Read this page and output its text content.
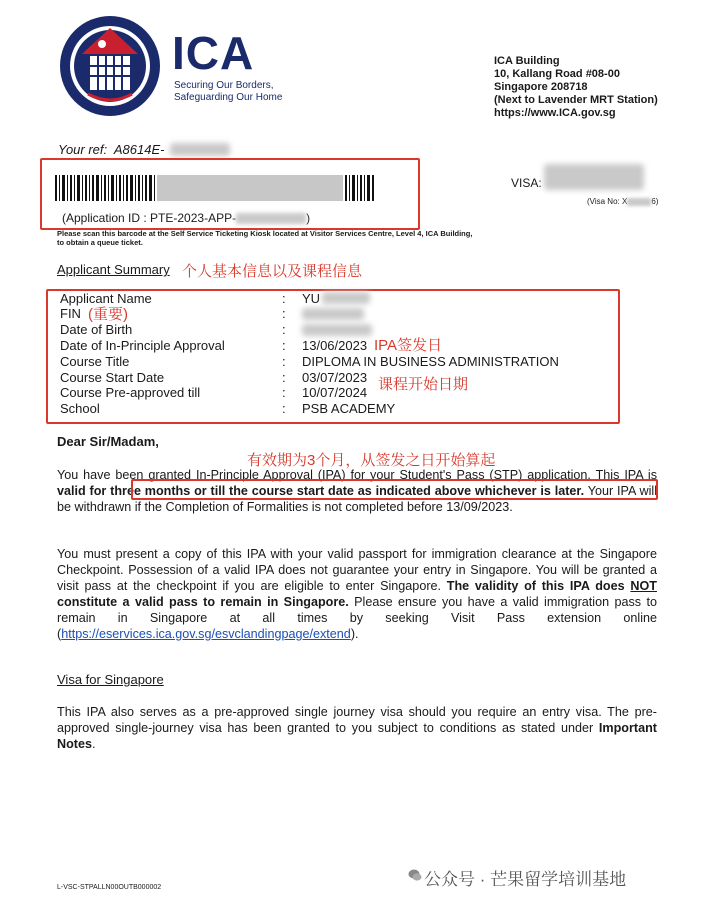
ICA
Securing Our Borders,
Safeguarding Our Home
ICA Building
10, Kallang Road #08-00
Singapore 208718
(Next to Lavender MRT Station)
https://www.ICA.gov.sg
Your ref: A8614E-
(Application ID : PTE-2023-APP-	)
VISA:
(Visa No: X	6)
Please scan this barcode at the Self Service Ticketing Kiosk located at Visitor Services Centre, Level 4, ICA Building,
to obtain a queue ticket.
Applicant Summary 个人基本信息以及课程信息
Applicant Name	: YU
FIN	:
Date of Birth	:
Date of In-Principle Approval	: 13/06/2023
Course Title	: DIPLOMA IN BUSINESS ADMINISTRATION
Course Start Date	: 03/07/2023
Course Pre-approved till	: 10/07/2024
School	: PSB ACADEMY
(重要)
IPA签发日
课程开始日期
Dear Sir/Madam,
有效期为3个月，从签发之日开始算起
You have been granted In-Principle Approval (IPA) for your Student's Pass (STP) application. This IPA is valid for three months or till the course start date as indicated above whichever is later. Your IPA will be withdrawn if the Completion of Formalities is not completed before 13/09/2023.
You must present a copy of this IPA with your valid passport for immigration clearance at the Singapore Checkpoint. Possession of a valid IPA does not guarantee your entry in Singapore. You will be granted a visit pass at the checkpoint if you are eligible to enter Singapore. The validity of this IPA does NOT constitute a valid pass to remain in Singapore. Please ensure you have a valid immigration pass to remain in Singapore at all times by seeking Visit Pass extension online (https://eservices.ica.gov.sg/esvclandingpage/extend).
Visa for Singapore
This IPA also serves as a pre-approved single journey visa should you require an entry visa. The pre-approved single-journey visa has been granted to you subject to conditions as stated under Important Notes.
L-VSC-STPALLN00OUTB000002	公众号 · 芒果留学培训基地
